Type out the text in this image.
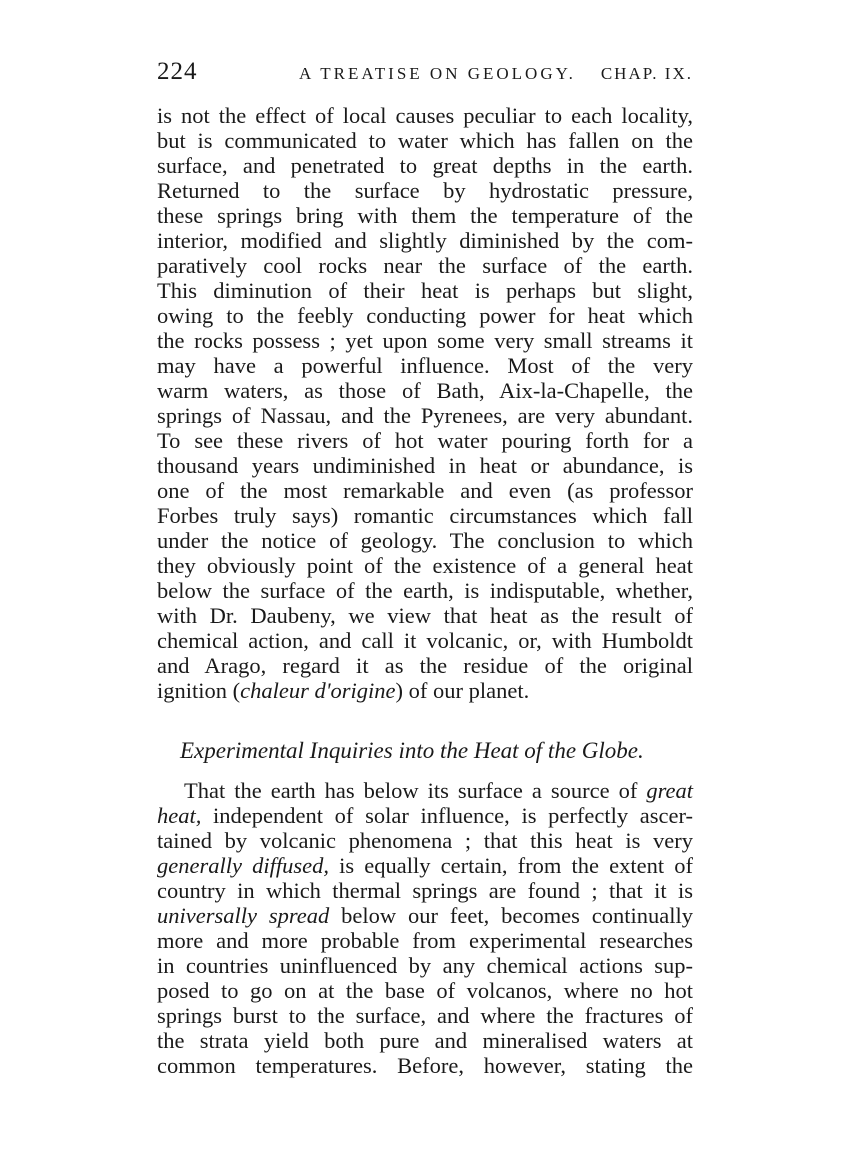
224	A TREATISE ON GEOLOGY. CHAP. IX.
is not the effect of local causes peculiar to each locality,
but is communicated to water which has fallen on the
surface, and penetrated to great depths in the earth.
Returned to the surface by hydrostatic pressure,
these springs bring with them the temperature of the
interior, modified and slightly diminished by the com-
paratively cool rocks near the surface of the earth.
This diminution of their heat is perhaps but slight,
owing to the feebly conducting power for heat which
the rocks possess ; yet upon some very small streams it
may have a powerful influence. Most of the very
warm waters, as those of Bath, Aix-la-Chapelle, the
springs of Nassau, and the Pyrenees, are very abundant.
To see these rivers of hot water pouring forth for a
thousand years undiminished in heat or abundance, is
one of the most remarkable and even (as professor
Forbes truly says) romantic circumstances which fall
under the notice of geology. The conclusion to which
they obviously point of the existence of a general heat
below the surface of the earth, is indisputable, whether,
with Dr. Daubeny, we view that heat as the result of
chemical action, and call it volcanic, or, with Humboldt
and Arago, regard it as the residue of the original
ignition (chaleur d'origine) of our planet.
Experimental Inquiries into the Heat of the Globe.
That the earth has below its surface a source of great
heat, independent of solar influence, is perfectly ascer-
tained by volcanic phenomena ; that this heat is very
generally diffused, is equally certain, from the extent of
country in which thermal springs are found ; that it is
universally spread below our feet, becomes continually
more and more probable from experimental researches
in countries uninfluenced by any chemical actions sup-
posed to go on at the base of volcanos, where no hot
springs burst to the surface, and where the fractures of
the strata yield both pure and mineralised waters at
common temperatures. Before, however, stating the
